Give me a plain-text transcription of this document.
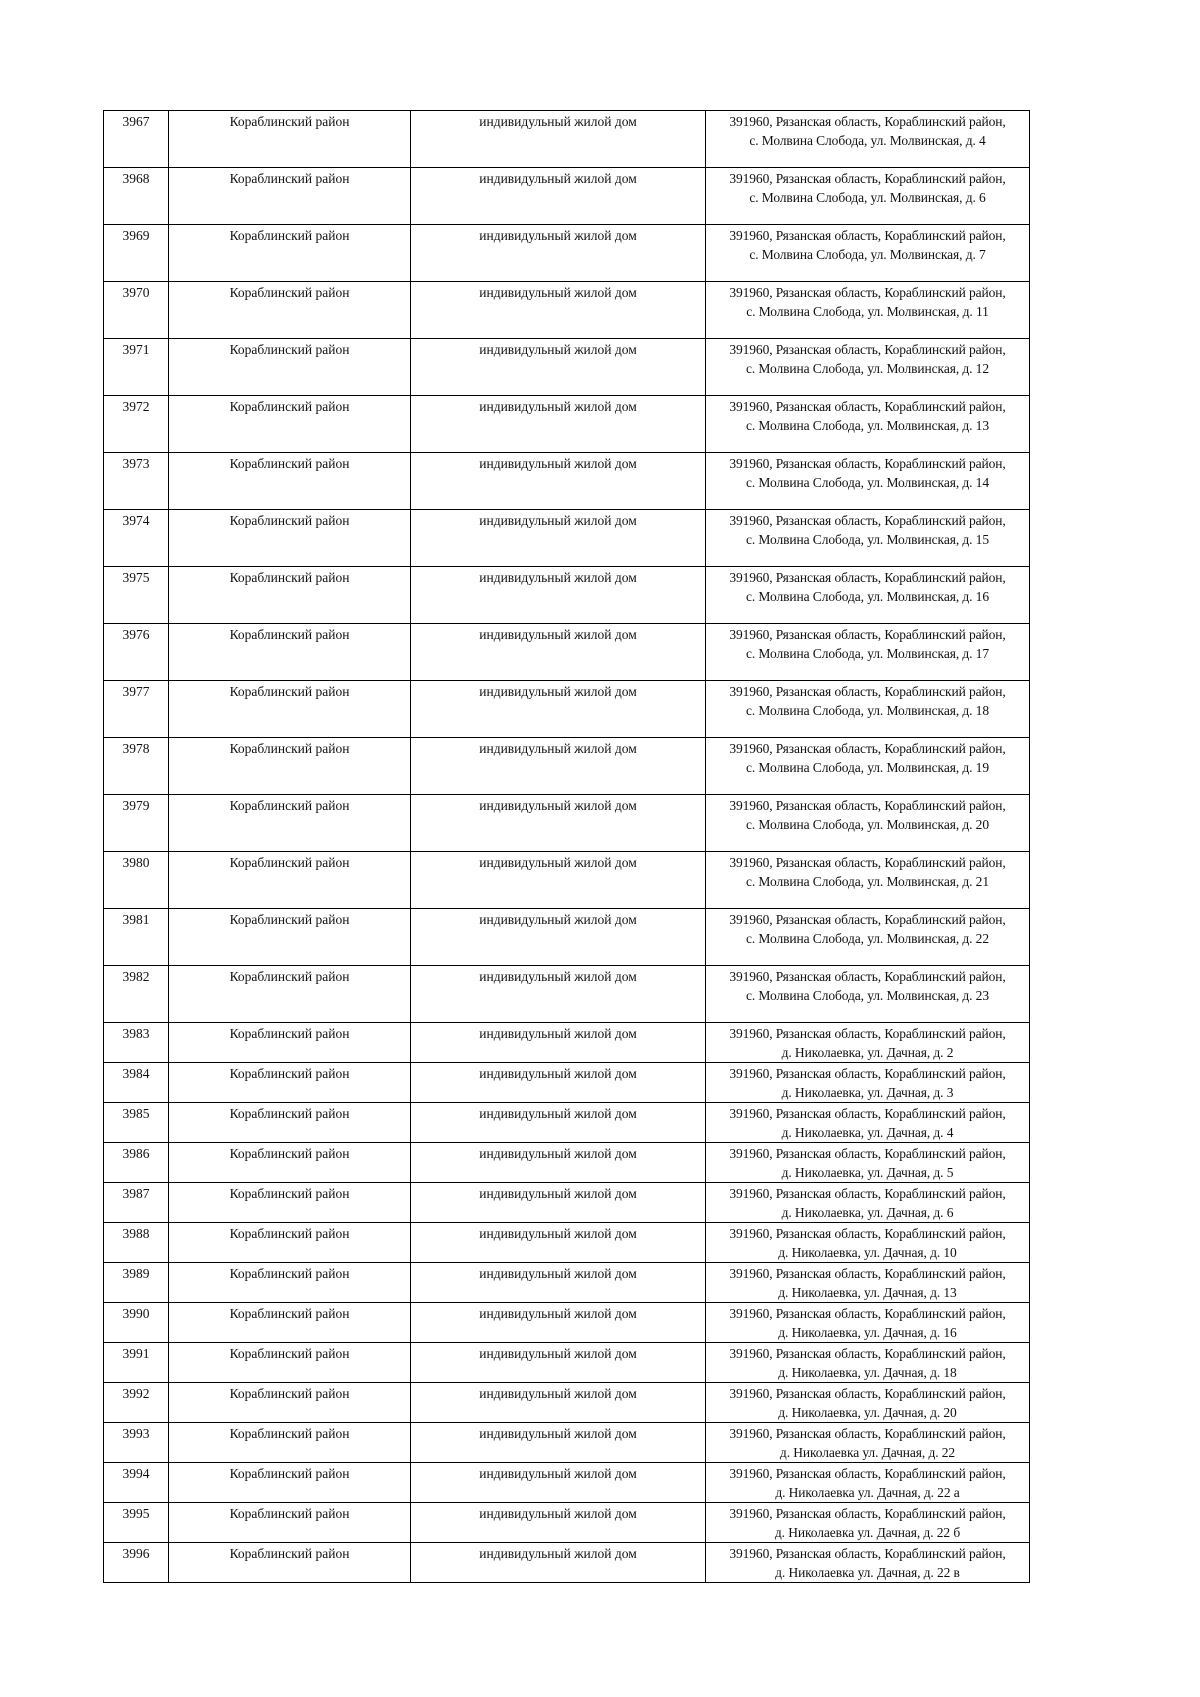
3967	Кораблинский район	индивидульный жилой дом	391960, Рязанская область, Кораблинский район,
с. Молвина Слобода, ул. Молвинская, д. 4
3968	Кораблинский район	индивидульный жилой дом	391960, Рязанская область, Кораблинский район,
с. Молвина Слобода, ул. Молвинская, д. 6
3969	Кораблинский район	индивидульный жилой дом	391960, Рязанская область, Кораблинский район,
с. Молвина Слобода, ул. Молвинская, д. 7
3970	Кораблинский район	индивидульный жилой дом	391960, Рязанская область, Кораблинский район,
с. Молвина Слобода, ул. Молвинская, д. 11
3971	Кораблинский район	индивидульный жилой дом	391960, Рязанская область, Кораблинский район,
с. Молвина Слобода, ул. Молвинская, д. 12
3972	Кораблинский район	индивидульный жилой дом	391960, Рязанская область, Кораблинский район,
с. Молвина Слобода, ул. Молвинская, д. 13
3973	Кораблинский район	индивидульный жилой дом	391960, Рязанская область, Кораблинский район,
с. Молвина Слобода, ул. Молвинская, д. 14
3974	Кораблинский район	индивидульный жилой дом	391960, Рязанская область, Кораблинский район,
с. Молвина Слобода, ул. Молвинская, д. 15
3975	Кораблинский район	индивидульный жилой дом	391960, Рязанская область, Кораблинский район,
с. Молвина Слобода, ул. Молвинская, д. 16
3976	Кораблинский район	индивидульный жилой дом	391960, Рязанская область, Кораблинский район,
с. Молвина Слобода, ул. Молвинская, д. 17
3977	Кораблинский район	индивидульный жилой дом	391960, Рязанская область, Кораблинский район,
с. Молвина Слобода, ул. Молвинская, д. 18
3978	Кораблинский район	индивидульный жилой дом	391960, Рязанская область, Кораблинский район,
с. Молвина Слобода, ул. Молвинская, д. 19
3979	Кораблинский район	индивидульный жилой дом	391960, Рязанская область, Кораблинский район,
с. Молвина Слобода, ул. Молвинская, д. 20
3980	Кораблинский район	индивидульный жилой дом	391960, Рязанская область, Кораблинский район,
с. Молвина Слобода, ул. Молвинская, д. 21
3981	Кораблинский район	индивидульный жилой дом	391960, Рязанская область, Кораблинский район,
с. Молвина Слобода, ул. Молвинская, д. 22
3982	Кораблинский район	индивидульный жилой дом	391960, Рязанская область, Кораблинский район,
с. Молвина Слобода, ул. Молвинская, д. 23
3983	Кораблинский район	индивидульный жилой дом	391960, Рязанская область, Кораблинский район,
д. Николаевка, ул. Дачная, д. 2
3984	Кораблинский район	индивидульный жилой дом	391960, Рязанская область, Кораблинский район,
д. Николаевка, ул. Дачная, д. 3
3985	Кораблинский район	индивидульный жилой дом	391960, Рязанская область, Кораблинский район,
д. Николаевка, ул. Дачная, д. 4
3986	Кораблинский район	индивидульный жилой дом	391960, Рязанская область, Кораблинский район,
д. Николаевка, ул. Дачная, д. 5
3987	Кораблинский район	индивидульный жилой дом	391960, Рязанская область, Кораблинский район,
д. Николаевка, ул. Дачная, д. 6
3988	Кораблинский район	индивидульный жилой дом	391960, Рязанская область, Кораблинский район,
д. Николаевка, ул. Дачная, д. 10
3989	Кораблинский район	индивидульный жилой дом	391960, Рязанская область, Кораблинский район,
д. Николаевка, ул. Дачная, д. 13
3990	Кораблинский район	индивидульный жилой дом	391960, Рязанская область, Кораблинский район,
д. Николаевка, ул. Дачная, д. 16
3991	Кораблинский район	индивидульный жилой дом	391960, Рязанская область, Кораблинский район,
д. Николаевка, ул. Дачная, д. 18
3992	Кораблинский район	индивидульный жилой дом	391960, Рязанская область, Кораблинский район,
д. Николаевка, ул. Дачная, д. 20
3993	Кораблинский район	индивидульный жилой дом	391960, Рязанская область, Кораблинский район,
д. Николаевка ул. Дачная, д. 22
3994	Кораблинский район	индивидульный жилой дом	391960, Рязанская область, Кораблинский район,
д. Николаевка ул. Дачная, д. 22 а
3995	Кораблинский район	индивидульный жилой дом	391960, Рязанская область, Кораблинский район,
д. Николаевка ул. Дачная, д. 22 б
3996	Кораблинский район	индивидульный жилой дом	391960, Рязанская область, Кораблинский район,
д. Николаевка ул. Дачная, д. 22 в
